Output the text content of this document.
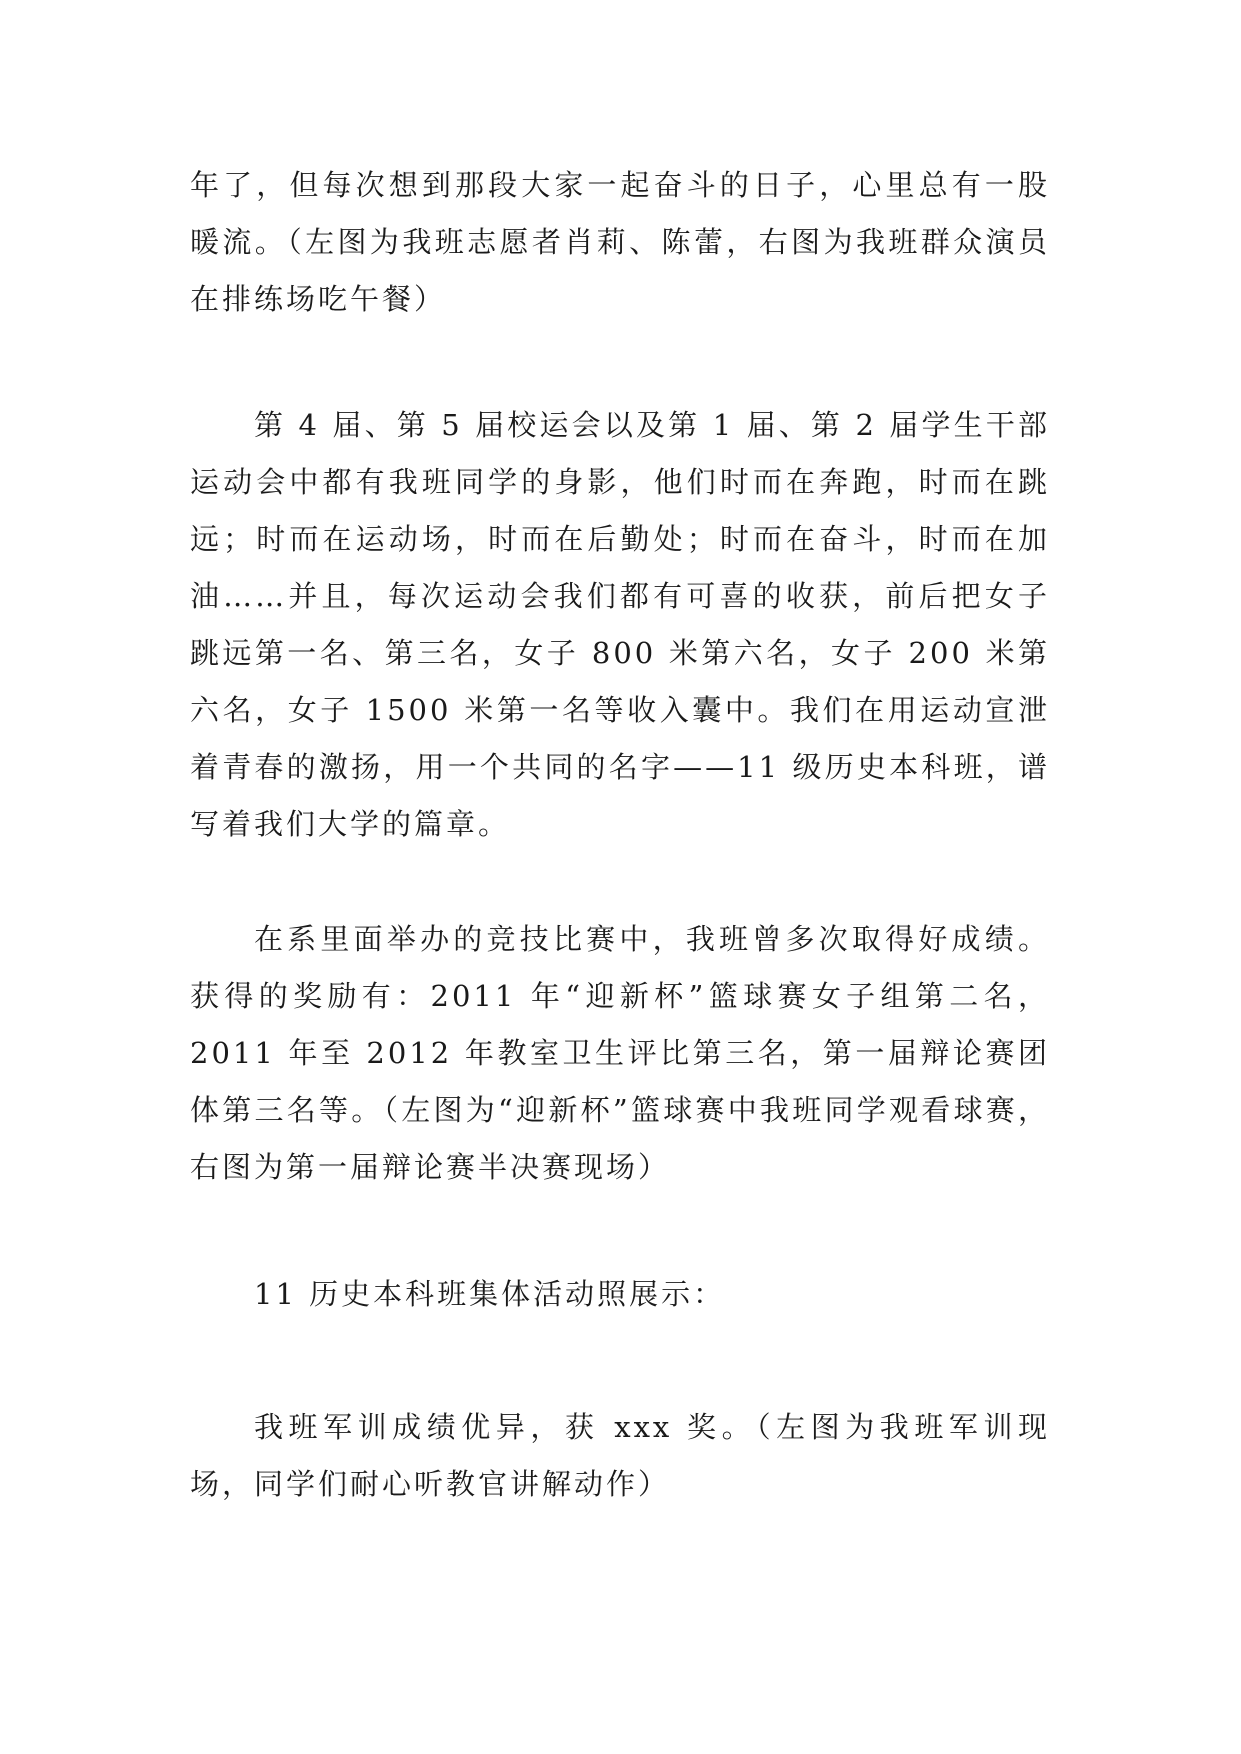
年了，但每次想到那段大家一起奋斗的日子，心里总有一股暖流。（左图为我班志愿者肖莉、陈蕾，右图为我班群众演员在排练场吃午餐）

第 4 届、第 5 届校运会以及第 1 届、第 2 届学生干部运动会中都有我班同学的身影，他们时而在奔跑，时而在跳远；时而在运动场，时而在后勤处；时而在奋斗，时而在加油……并且，每次运动会我们都有可喜的收获，前后把女子跳远第一名、第三名，女子 800 米第六名，女子 200 米第六名，女子 1500 米第一名等收入囊中。我们在用运动宣泄着青春的激扬，用一个共同的名字——11 级历史本科班，谱写着我们大学的篇章。

在系里面举办的竞技比赛中，我班曾多次取得好成绩。获得的奖励有：2011 年“迎新杯”篮球赛女子组第二名，2011 年至 2012 年教室卫生评比第三名，第一届辩论赛团体第三名等。（左图为“迎新杯”篮球赛中我班同学观看球赛，右图为第一届辩论赛半决赛现场）

11 历史本科班集体活动照展示：

我班军训成绩优异，获 xxx 奖。（左图为我班军训现场，同学们耐心听教官讲解动作）
